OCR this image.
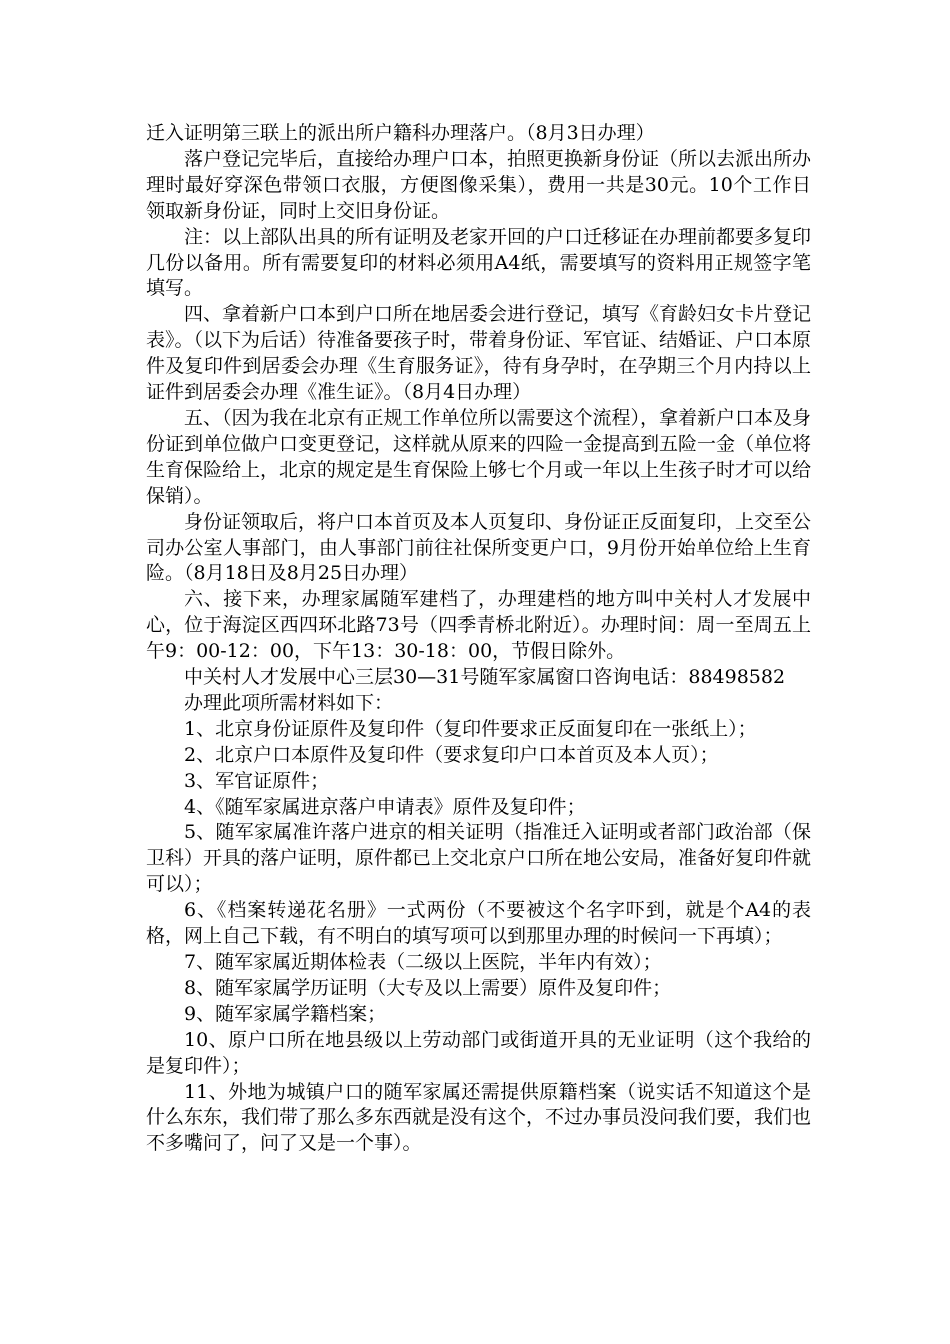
迁入证明第三联上的派出所户籍科办理落户。（8月3日办理）

落户登记完毕后，直接给办理户口本，拍照更换新身份证（所以去派出所办理时最好穿深色带领口衣服，方便图像采集），费用一共是30元。10个工作日领取新身份证，同时上交旧身份证。

注：以上部队出具的所有证明及老家开回的户口迁移证在办理前都要多复印几份以备用。所有需要复印的材料必须用A4纸，需要填写的资料用正规签字笔填写。

四、拿着新户口本到户口所在地居委会进行登记，填写《育龄妇女卡片登记表》。（以下为后话）待准备要孩子时，带着身份证、军官证、结婚证、户口本原件及复印件到居委会办理《生育服务证》，待有身孕时，在孕期三个月内持以上证件到居委会办理《准生证》。（8月4日办理）

五、（因为我在北京有正规工作单位所以需要这个流程），拿着新户口本及身份证到单位做户口变更登记，这样就从原来的四险一金提高到五险一金（单位将生育保险给上，北京的规定是生育保险上够七个月或一年以上生孩子时才可以给保销）。

身份证领取后，将户口本首页及本人页复印、身份证正反面复印，上交至公司办公室人事部门，由人事部门前往社保所变更户口，9月份开始单位给上生育险。（8月18日及8月25日办理）

六、接下来，办理家属随军建档了，办理建档的地方叫中关村人才发展中心，位于海淀区西四环北路73号（四季青桥北附近）。办理时间：周一至周五上午9：00-12：00，下午13：30-18：00，节假日除外。

中关村人才发展中心三层30—31号随军家属窗口咨询电话：88498582

办理此项所需材料如下：

1、北京身份证原件及复印件（复印件要求正反面复印在一张纸上）；

2、北京户口本原件及复印件（要求复印户口本首页及本人页）；

3、军官证原件；

4、《随军家属进京落户申请表》原件及复印件；

5、随军家属准许落户进京的相关证明（指准迁入证明或者部门政治部（保卫科）开具的落户证明，原件都已上交北京户口所在地公安局，准备好复印件就可以）；

6、《档案转递花名册》一式两份（不要被这个名字吓到，就是个A4的表格，网上自己下载，有不明白的填写项可以到那里办理的时候问一下再填）；

7、随军家属近期体检表（二级以上医院，半年内有效）；

8、随军家属学历证明（大专及以上需要）原件及复印件；

9、随军家属学籍档案；

10、原户口所在地县级以上劳动部门或街道开具的无业证明（这个我给的是复印件）；

11、外地为城镇户口的随军家属还需提供原籍档案（说实话不知道这个是什么东东，我们带了那么多东西就是没有这个，不过办事员没问我们要，我们也不多嘴问了，问了又是一个事）。
